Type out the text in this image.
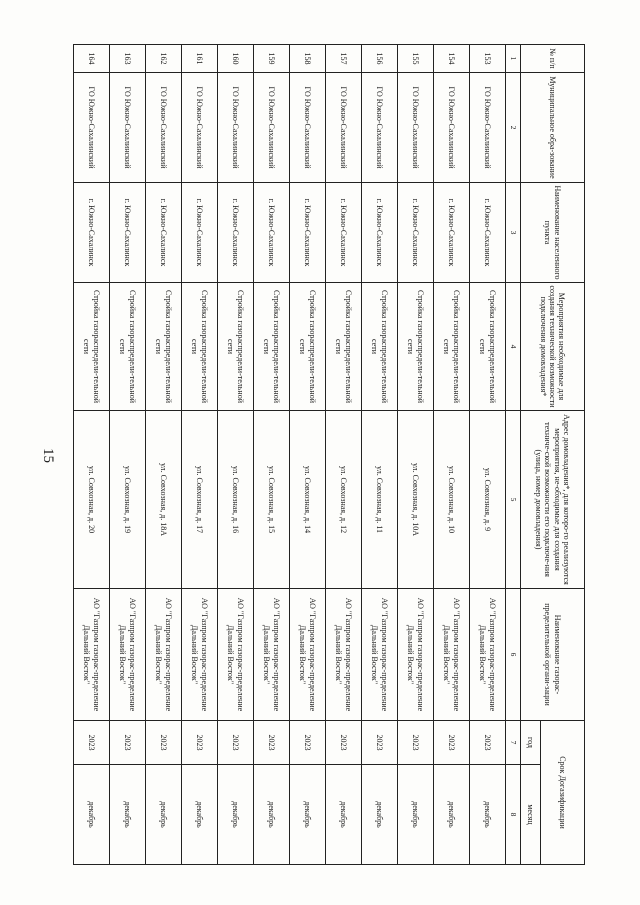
15
№ п/п	Муниципальное обра-зование	Наименование населенного пункта	Мероприятия необходимые для создания технической возможности подключения домовладения*	Адрес домовладения*, для которо-го реализуются мероприятия, не-обходимые для создания техниче-ской возможности его подключе-ния (улица, номер домовладения)	Наименование газорас-пределительной органи-зации	Срок Догазификации	
						год	месяц
1	2	3	4	5	6	7	8
153	ГО Южно-Сахалинский	г. Южно-Сахалинск	Стройка газораспредели-тельной сети	ул. Совхозная, д. 9	АО "Газпром газорас-пределение Дальний Восток"	2023	декабрь
154	ГО Южно-Сахалинский	г. Южно-Сахалинск	Стройка газораспредели-тельной сети	ул. Совхозная, д. 10	АО "Газпром газорас-пределение Дальний Восток"	2023	декабрь
155	ГО Южно-Сахалинский	г. Южно-Сахалинск	Стройка газораспредели-тельной сети	ул. Совхозная, д. 10А	АО "Газпром газорас-пределение Дальний Восток"	2023	декабрь
156	ГО Южно-Сахалинский	г. Южно-Сахалинск	Стройка газораспредели-тельной сети	ул. Совхозная, д. 11	АО "Газпром газорас-пределение Дальний Восток"	2023	декабрь
157	ГО Южно-Сахалинский	г. Южно-Сахалинск	Стройка газораспредели-тельной сети	ул. Совхозная, д. 12	АО "Газпром газорас-пределение Дальний Восток"	2023	декабрь
158	ГО Южно-Сахалинский	г. Южно-Сахалинск	Стройка газораспредели-тельной сети	ул. Совхозная, д. 14	АО "Газпром газорас-пределение Дальний Восток"	2023	декабрь
159	ГО Южно-Сахалинский	г. Южно-Сахалинск	Стройка газораспредели-тельной сети	ул. Совхозная, д. 15	АО "Газпром газорас-пределение Дальний Восток"	2023	декабрь
160	ГО Южно-Сахалинский	г. Южно-Сахалинск	Стройка газораспредели-тельной сети	ул. Совхозная, д. 16	АО "Газпром газорас-пределение Дальний Восток"	2023	декабрь
161	ГО Южно-Сахалинский	г. Южно-Сахалинск	Стройка газораспредели-тельной сети	ул. Совхозная, д. 17	АО "Газпром газорас-пределение Дальний Восток"	2023	декабрь
162	ГО Южно-Сахалинский	г. Южно-Сахалинск	Стройка газораспредели-тельной сети	ул. Совхозная, д. 18А	АО "Газпром газорас-пределение Дальний Восток"	2023	декабрь
163	ГО Южно-Сахалинский	г. Южно-Сахалинск	Стройка газораспредели-тельной сети	ул. Совхозная, д. 19	АО "Газпром газорас-пределение Дальний Восток"	2023	декабрь
164	ГО Южно-Сахалинский	г. Южно-Сахалинск	Стройка газораспредели-тельной сети	ул. Совхозная, д. 20	АО "Газпром газорас-пределение Дальний Восток"	2023	декабрь
